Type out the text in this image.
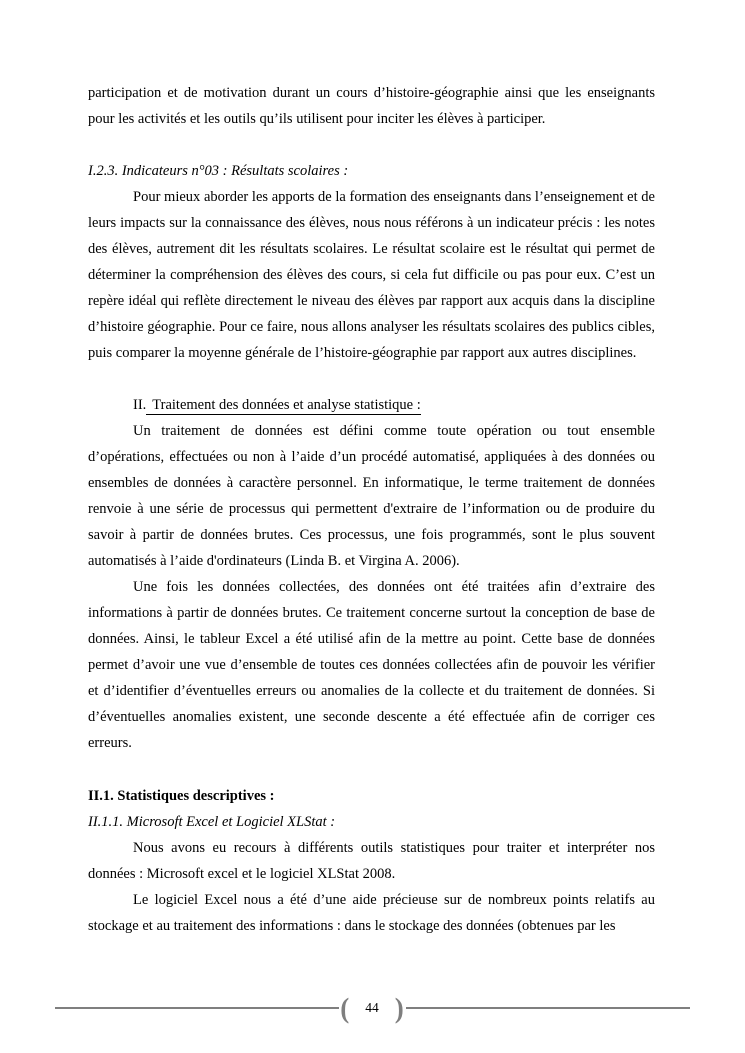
participation et de motivation durant un cours d’histoire-géographie ainsi que les enseignants pour les activités et les outils qu’ils utilisent pour inciter les élèves à participer.

I.2.3. Indicateurs n°03 : Résultats scolaires :

Pour mieux aborder les apports de la formation des enseignants dans l’enseignement et de leurs impacts sur la connaissance des élèves, nous nous référons à un indicateur précis : les notes des élèves, autrement dit les résultats scolaires. Le résultat scolaire est le résultat qui permet de déterminer la compréhension des élèves des cours, si cela fut difficile ou pas pour eux. C’est un repère idéal qui reflète directement le niveau des élèves par rapport aux acquis dans la discipline d’histoire géographie. Pour ce faire, nous allons analyser les résultats scolaires des publics cibles, puis comparer la moyenne générale de l’histoire-géographie par rapport aux autres disciplines.

II. Traitement des données et analyse statistique :

Un traitement de données est défini comme toute opération ou tout ensemble d’opérations, effectuées ou non à l’aide d’un procédé automatisé, appliquées à des données ou ensembles de données à caractère personnel. En informatique, le terme traitement de données renvoie à une série de processus qui permettent d'extraire de l’information ou de produire du savoir à partir de données brutes. Ces processus, une fois programmés, sont le plus souvent automatisés à l’aide d'ordinateurs (Linda B. et Virgina A. 2006).

Une fois les données collectées, des données ont été traitées afin d’extraire des informations à partir de données brutes. Ce traitement concerne surtout la conception de base de données. Ainsi, le tableur Excel a été utilisé afin de la mettre au point. Cette base de données permet d’avoir une vue d’ensemble de toutes ces données collectées afin de pouvoir les vérifier et d’identifier d’éventuelles erreurs ou anomalies de la collecte et du traitement de données. Si d’éventuelles anomalies existent, une seconde descente a été effectuée afin de corriger ces erreurs.

II.1. Statistiques descriptives :

II.1.1. Microsoft Excel et Logiciel XLStat :

Nous avons eu recours à différents outils statistiques pour traiter et interpréter nos données : Microsoft excel et le logiciel XLStat 2008.

Le logiciel Excel nous a été d’une aide précieuse sur de nombreux points relatifs au stockage et au traitement des informations : dans le stockage des données (obtenues par les

(	44 )
